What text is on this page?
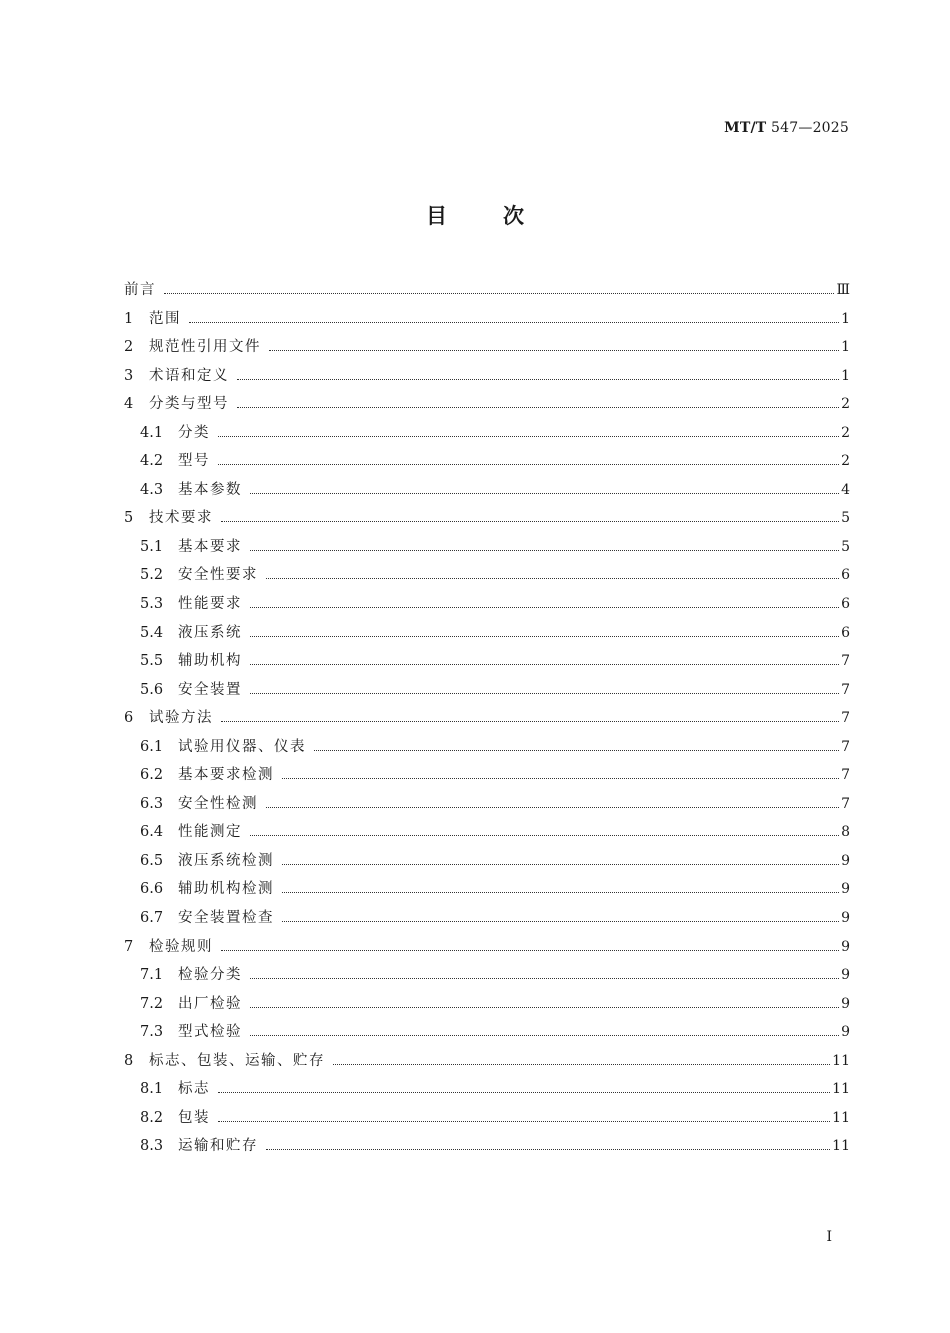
MT/T 547—2025
目	次
前言	Ⅲ
1	范围	1
2	规范性引用文件	1
3	术语和定义	1
4	分类与型号	2
4.1	分类	2
4.2	型号	2
4.3	基本参数	4
5	技术要求	5
5.1	基本要求	5
5.2	安全性要求	6
5.3	性能要求	6
5.4	液压系统	6
5.5	辅助机构	7
5.6	安全装置	7
6	试验方法	7
6.1	试验用仪器、仪表	7
6.2	基本要求检测	7
6.3	安全性检测	7
6.4	性能测定	8
6.5	液压系统检测	9
6.6	辅助机构检测	9
6.7	安全装置检查	9
7	检验规则	9
7.1	检验分类	9
7.2	出厂检验	9
7.3	型式检验	9
8	标志、包装、运输、贮存	11
8.1	标志	11
8.2	包装	11
8.3	运输和贮存	11
I
